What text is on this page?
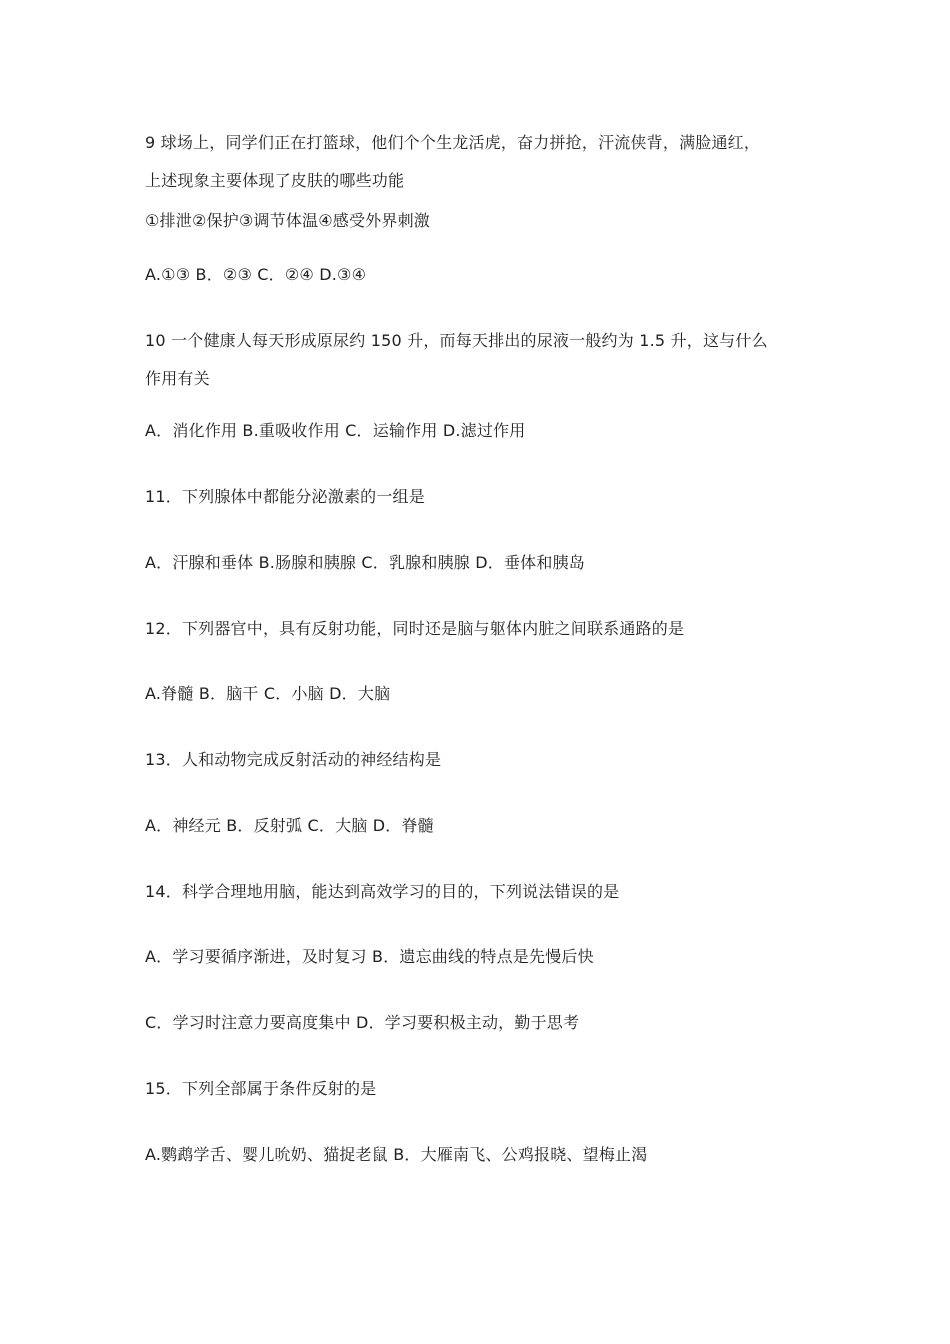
9 球场上，同学们正在打篮球，他们个个生龙活虎，奋力拼抢，汗流侠背，满脸通红，
上述现象主要体现了皮肤的哪些功能
①排泄②保护③调节体温④感受外界刺激
A.①③ B．②③ C．②④ D.③④
10 一个健康人每天形成原尿约 150 升，而每天排出的尿液一般约为 1.5 升，这与什么
作用有关
A．消化作用 B.重吸收作用 C．运输作用 D.滤过作用
11．下列腺体中都能分泌激素的一组是
A．汗腺和垂体 B.肠腺和胰腺 C．乳腺和胰腺 D．垂体和胰岛
12．下列器官中，具有反射功能，同时还是脑与躯体内脏之间联系通路的是
A.脊髓 B．脑干 C．小脑 D．大脑
13．人和动物完成反射活动的神经结构是
A．神经元 B．反射弧 C．大脑 D．脊髓
14．科学合理地用脑，能达到高效学习的目的，下列说法错误的是
A．学习要循序渐进，及时复习 B．遗忘曲线的特点是先慢后快
C．学习时注意力要高度集中 D．学习要积极主动，勤于思考
15．下列全部属于条件反射的是
A.鹦鹉学舌、婴儿吮奶、猫捉老鼠 B．大雁南飞、公鸡报晓、望梅止渴
